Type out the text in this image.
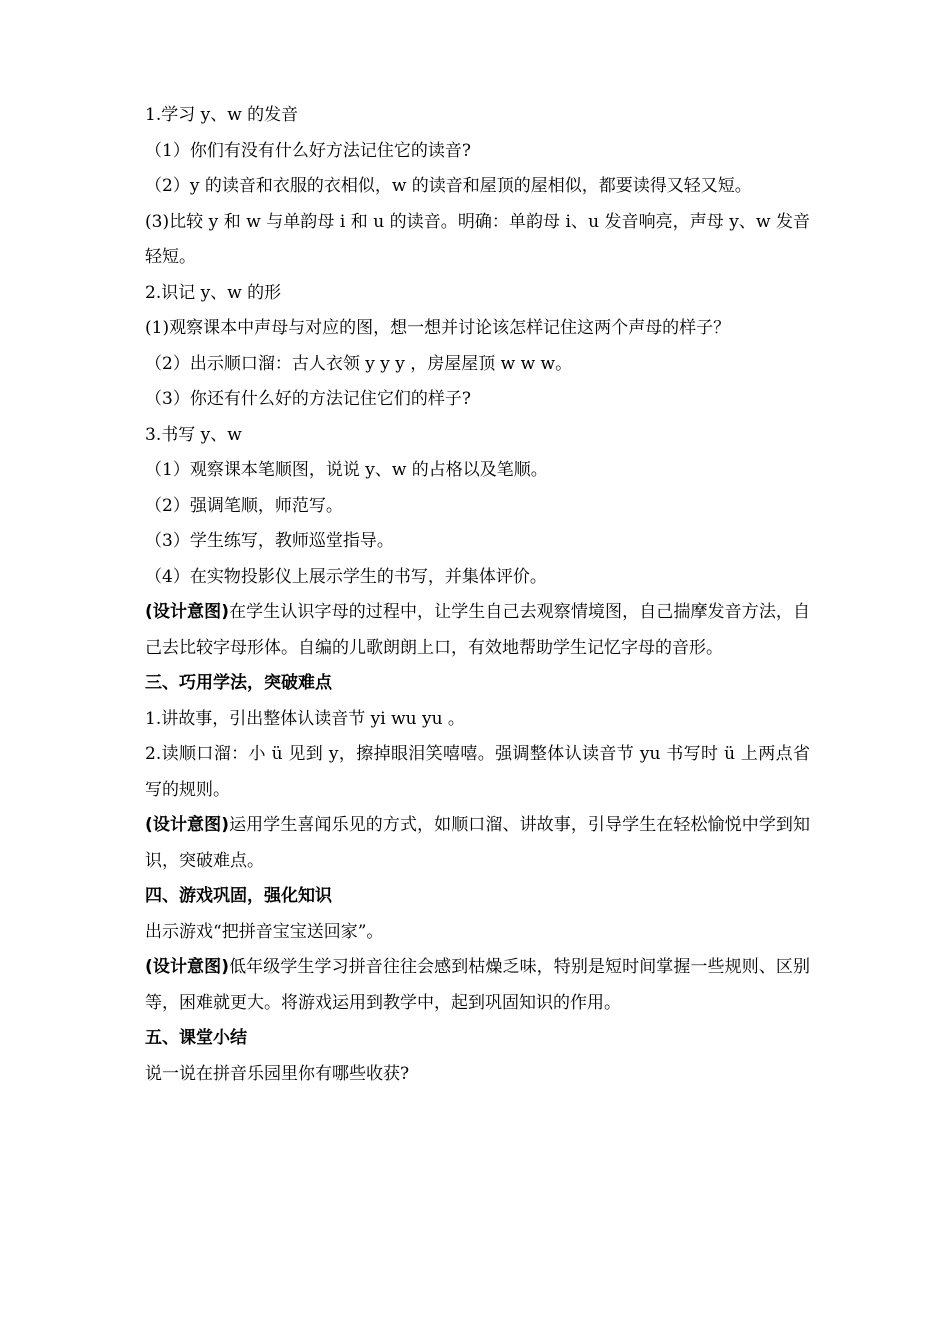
1.学习 y、w 的发音

（1）你们有没有什么好方法记住它的读音?

（2）y 的读音和衣服的衣相似，w 的读音和屋顶的屋相似，都要读得又轻又短。

(3)比较 y 和 w 与单韵母 i 和 u 的读音。明确：单韵母 i、u 发音响亮，声母 y、w 发音轻短。

2.识记 y、w 的形

(1)观察课本中声母与对应的图，想一想并讨论该怎样记住这两个声母的样子？

（2）出示顺口溜：古人衣领 y y y ，房屋屋顶 w w w。

（3）你还有什么好的方法记住它们的样子?

3.书写 y、w

（1）观察课本笔顺图，说说 y、w 的占格以及笔顺。

（2）强调笔顺，师范写。

（3）学生练写，教师巡堂指导。

（4）在实物投影仪上展示学生的书写，并集体评价。

(设计意图)在学生认识字母的过程中，让学生自己去观察情境图，自己揣摩发音方法，自己去比较字母形体。自编的儿歌朗朗上口，有效地帮助学生记忆字母的音形。

三、巧用学法，突破难点

1.讲故事，引出整体认读音节 yi wu yu 。

2.读顺口溜：小 ü 见到 y，擦掉眼泪笑嘻嘻。强调整体认读音节 yu 书写时 ü 上两点省写的规则。

(设计意图)运用学生喜闻乐见的方式，如顺口溜、讲故事，引导学生在轻松愉悦中学到知识，突破难点。

四、游戏巩固，强化知识

出示游戏“把拼音宝宝送回家”。

(设计意图)低年级学生学习拼音往往会感到枯燥乏味，特别是短时间掌握一些规则、区别等，困难就更大。将游戏运用到教学中，起到巩固知识的作用。

五、课堂小结

说一说在拼音乐园里你有哪些收获?
